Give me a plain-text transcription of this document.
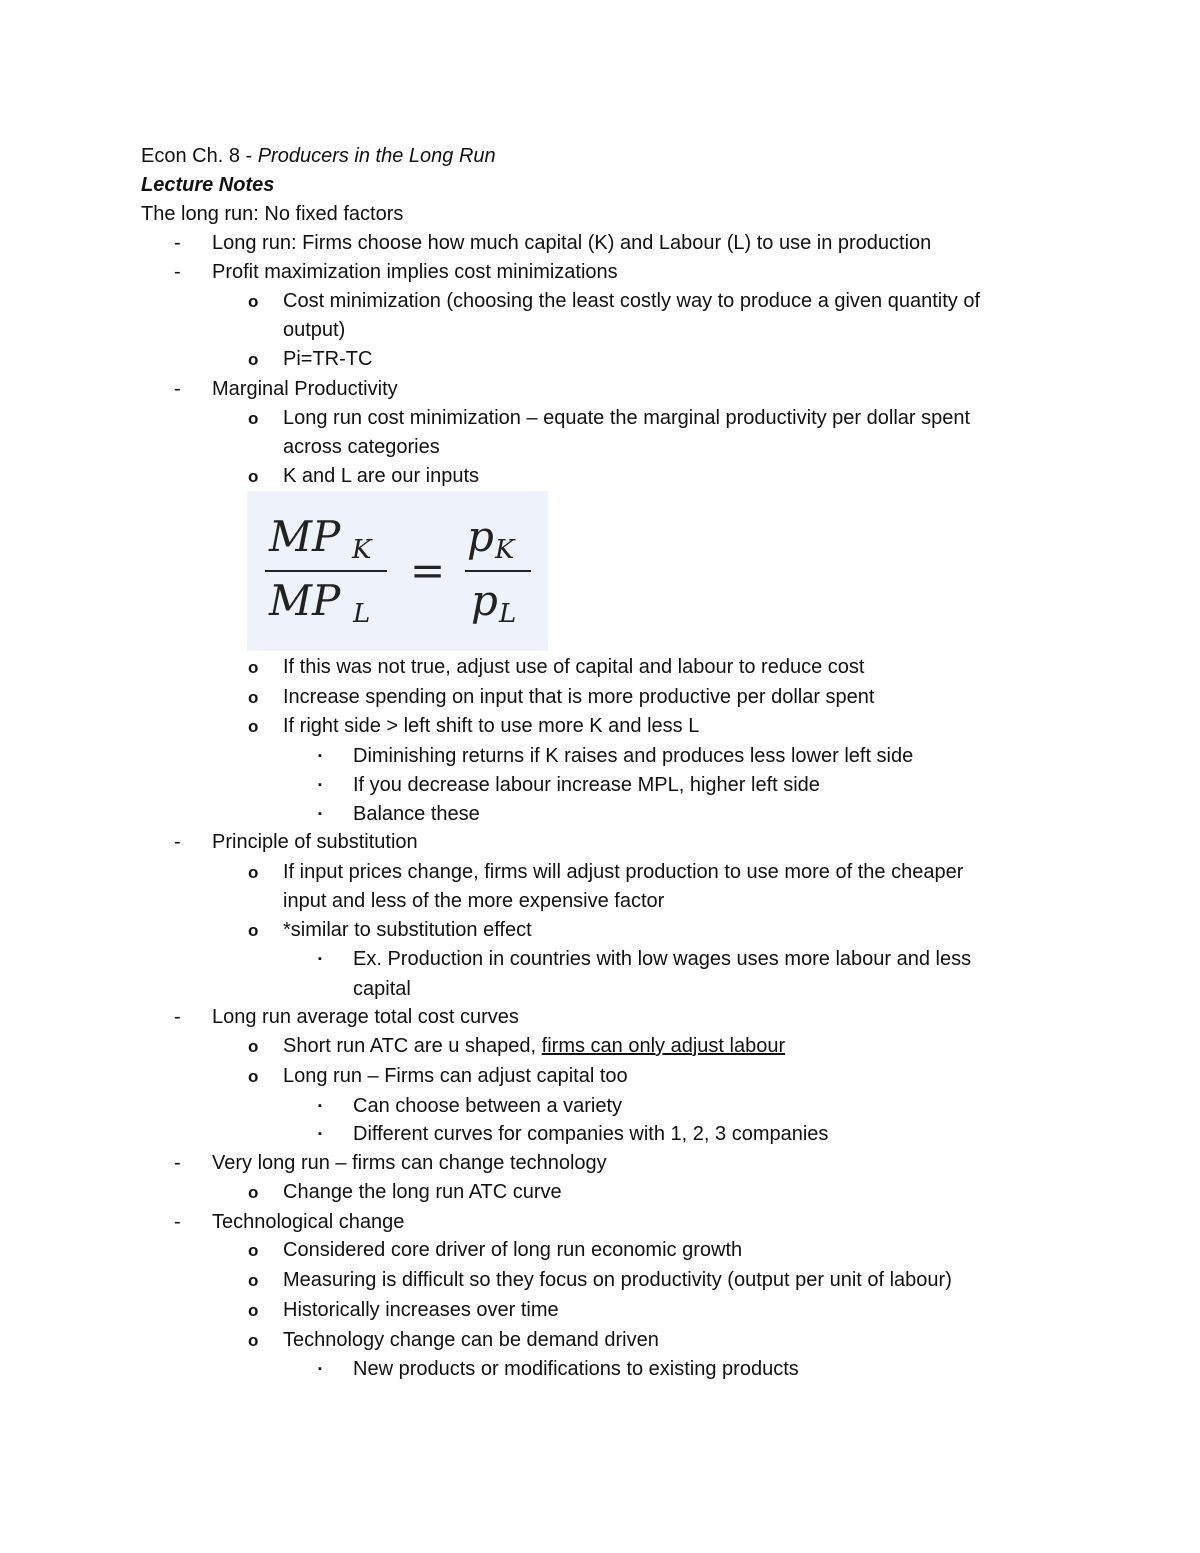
Econ Ch. 8 - Producers in the Long Run
Lecture Notes
The long run: No fixed factors
- Long run: Firms choose how much capital (K) and Labour (L) to use in production
- Profit maximization implies cost minimizations
o Cost minimization (choosing the least costly way to produce a given quantity of
output)
o Pi=TR-TC
- Marginal Productivity
o Long run cost minimization – equate the marginal productivity per dollar spent
across categories
o K and L are our inputs
MP K
MP L
=
p K
p L
o If this was not true, adjust use of capital and labour to reduce cost
o Increase spending on input that is more productive per dollar spent
o If right side > left shift to use more K and less L
▪ Diminishing returns if K raises and produces less lower left side
▪ If you decrease labour increase MPL, higher left side
▪ Balance these
- Principle of substitution
o If input prices change, firms will adjust production to use more of the cheaper
input and less of the more expensive factor
o *similar to substitution effect
▪ Ex. Production in countries with low wages uses more labour and less
capital
- Long run average total cost curves
o Short run ATC are u shaped, firms can only adjust labour
o Long run – Firms can adjust capital too
▪ Can choose between a variety
▪ Different curves for companies with 1, 2, 3 companies
- Very long run – firms can change technology
o Change the long run ATC curve
- Technological change
o Considered core driver of long run economic growth
o Measuring is difficult so they focus on productivity (output per unit of labour)
o Historically increases over time
o Technology change can be demand driven
▪ New products or modifications to existing products
